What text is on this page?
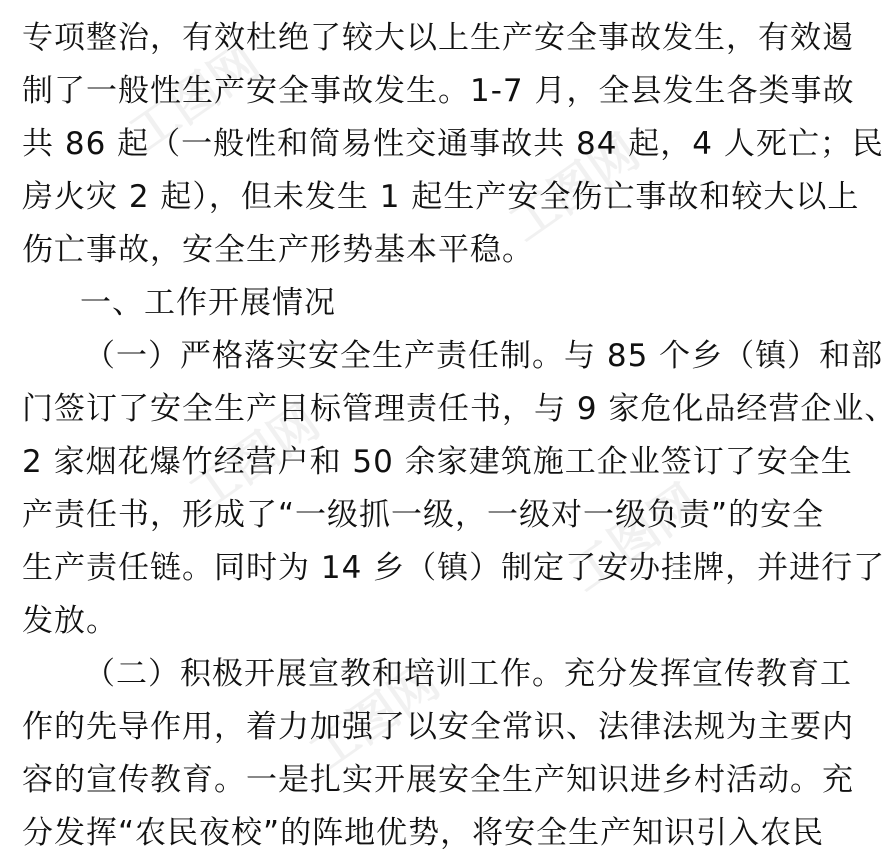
专项整治，有效杜绝了较大以上生产安全事故发生，有效遏
制了一般性生产安全事故发生。1-7 月，全县发生各类事故
共 86 起（一般性和简易性交通事故共 84 起，4 人死亡；民
房火灾 2 起），但未发生 1 起生产安全伤亡事故和较大以上
伤亡事故，安全生产形势基本平稳。
一、工作开展情况
（一）严格落实安全生产责任制。与 85 个乡（镇）和部
门签订了安全生产目标管理责任书，与 9 家危化品经营企业、
2 家烟花爆竹经营户和 50 余家建筑施工企业签订了安全生
产责任书，形成了“一级抓一级，一级对一级负责”的安全
生产责任链。同时为 14 乡（镇）制定了安办挂牌，并进行了
发放。
（二）积极开展宣教和培训工作。充分发挥宣传教育工
作的先导作用，着力加强了以安全常识、法律法规为主要内
容的宣传教育。一是扎实开展安全生产知识进乡村活动。充
分发挥“农民夜校”的阵地优势，将安全生产知识引入农民
工图网
工图网
工图网
工图网
工图网
